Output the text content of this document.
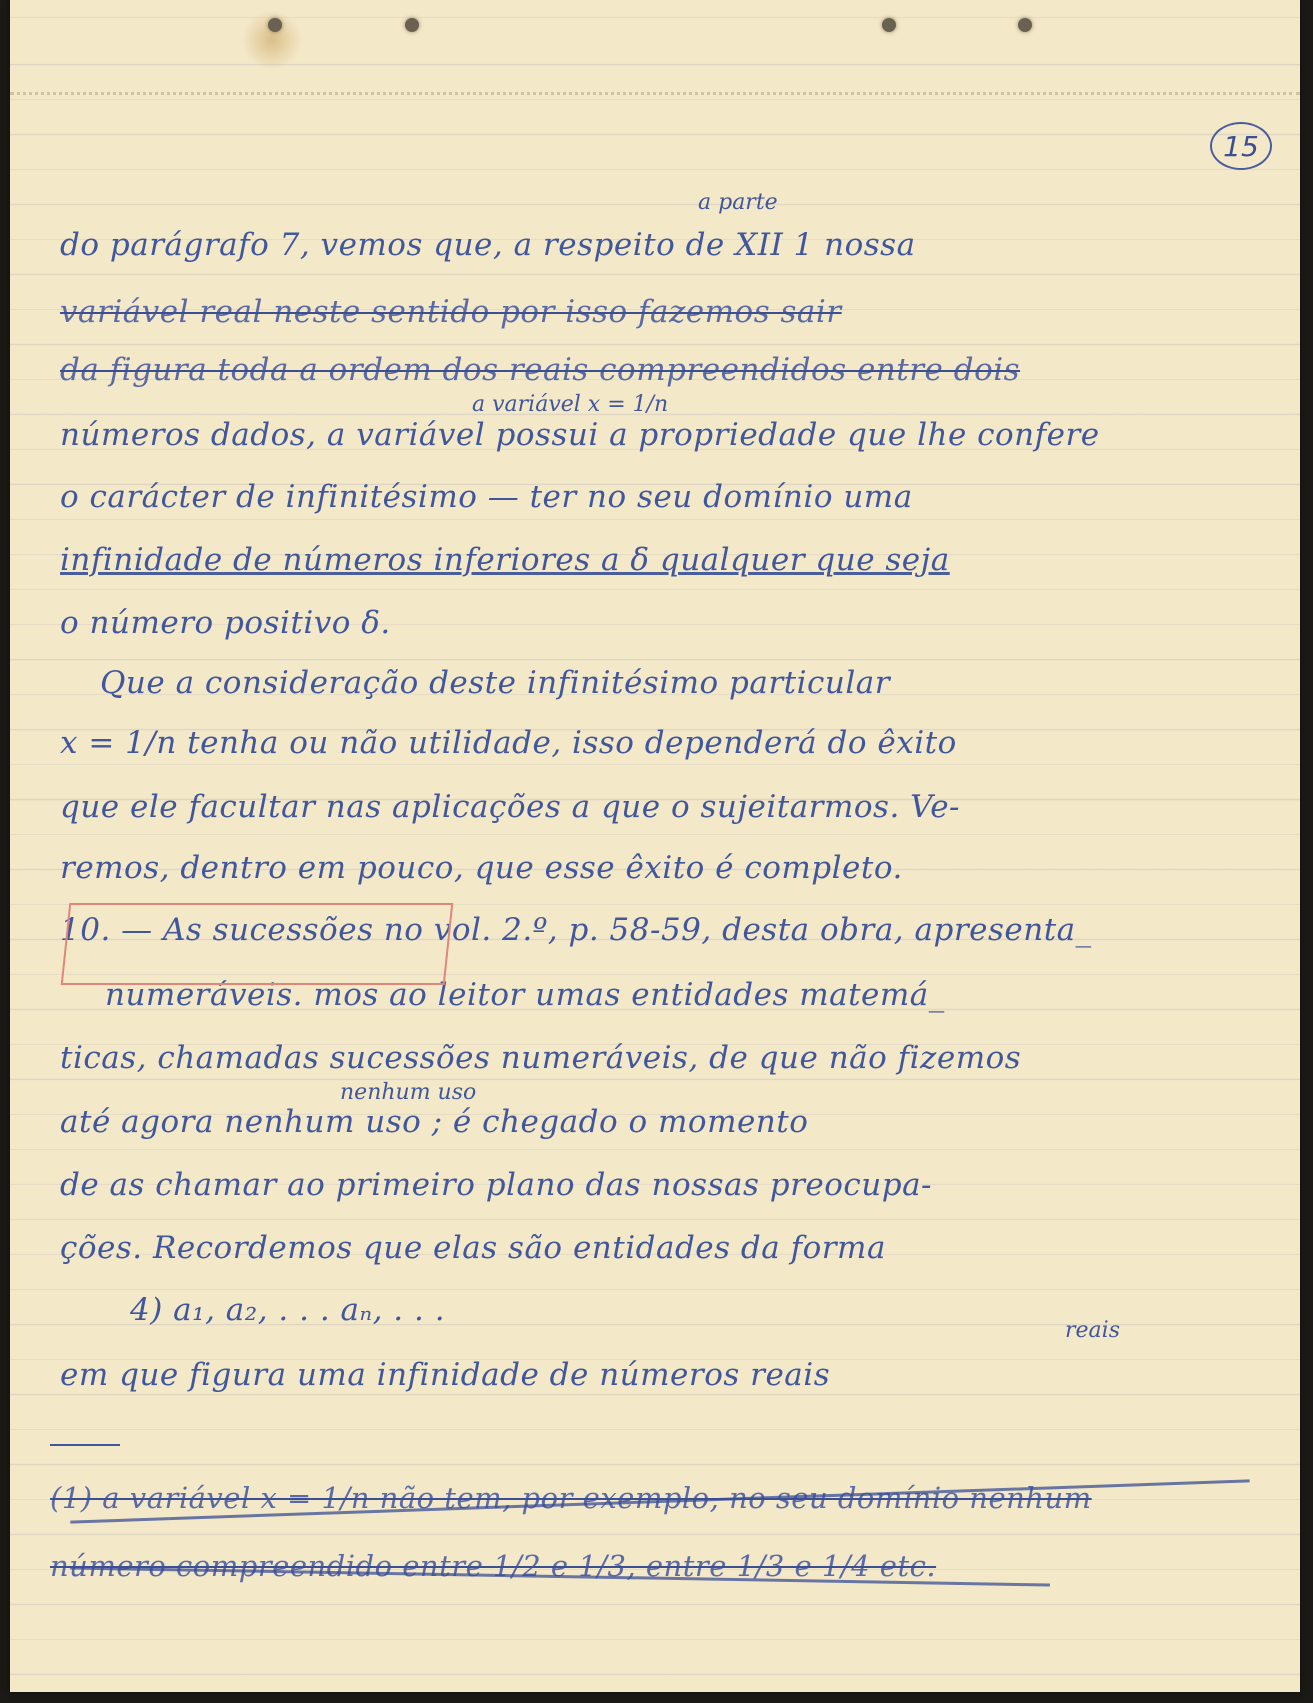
15

do parágrafo 7, vemos que, a respeito de XII 1 nossa

variável real neste sentido por isso fazemos sair

da figura toda a ordem dos reais compreendidos entre dois

números dados, a variável possui a propriedade que lhe confere

o carácter de infinitésimo — ter no seu domínio uma

infinidade de números inferiores a δ qualquer que seja

o número positivo δ.

Que a consideração deste infinitésimo particular

x = 1/n tenha ou não utilidade, isso dependerá do êxito

que ele facultar nas aplicações a que o sujeitarmos. Ve-

remos, dentro em pouco, que esse êxito é completo.

10. — As sucessões no vol. 2.º, p. 58-59, desta obra, apresenta_

numeráveis. mos ao leitor umas entidades matemá_

ticas, chamadas sucessões numeráveis, de que não fizemos

até agora nenhum uso ; é chegado o momento

de as chamar ao primeiro plano das nossas preocupa-

ções. Recordemos que elas são entidades da forma

4) a₁, a₂, . . . aₙ, . . .

em que figura uma infinidade de números reais

(1) a variável x = 1/n não tem, por exemplo, no seu domínio nenhum

número compreendido entre 1/2 e 1/3, entre 1/3 e 1/4 etc.

a parte
a variável x = 1/n
nenhum uso
reais
